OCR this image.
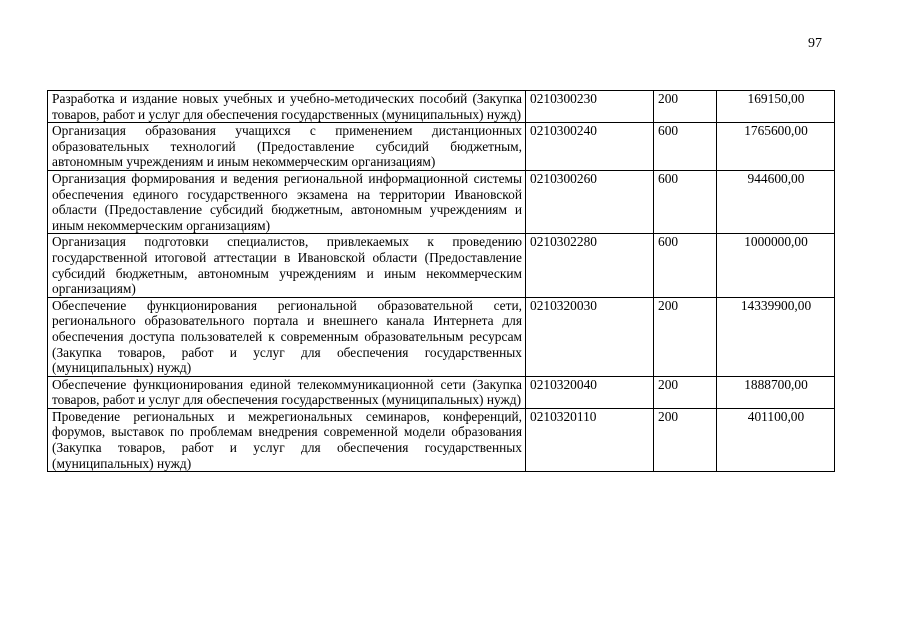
97
Разработка и издание новых учебных и учебно-методических пособий (Закупка товаров, работ и услуг для обеспечения государственных (муниципальных) нужд)	0210300230	200	169150,00
Организация образования учащихся с применением дистанционных образовательных технологий (Предоставление субсидий бюджетным, автономным учреждениям и иным некоммерческим организациям)	0210300240	600	1765600,00
Организация формирования и ведения региональной информационной системы обеспечения единого государственного экзамена на территории Ивановской области (Предоставление субсидий бюджетным, автономным учреждениям и иным некоммерческим организациям)	0210300260	600	944600,00
Организация подготовки специалистов, привлекаемых к проведению государственной итоговой аттестации в Ивановской области (Предоставление субсидий бюджетным, автономным учреждениям и иным некоммерческим организациям)	0210302280	600	1000000,00
Обеспечение функционирования региональной образовательной сети, регионального образовательного портала и внешнего канала Интернета для обеспечения доступа пользователей к современным образовательным ресурсам (Закупка товаров, работ и услуг для обеспечения государственных (муниципальных) нужд)	0210320030	200	14339900,00
Обеспечение функционирования единой телекоммуникационной сети (Закупка товаров, работ и услуг для обеспечения государственных (муниципальных) нужд)	0210320040	200	1888700,00
Проведение региональных и межрегиональных семинаров, конференций, форумов, выставок по проблемам внедрения современной модели образования (Закупка товаров, работ и услуг для обеспечения государственных (муниципальных) нужд)	0210320110	200	401100,00
